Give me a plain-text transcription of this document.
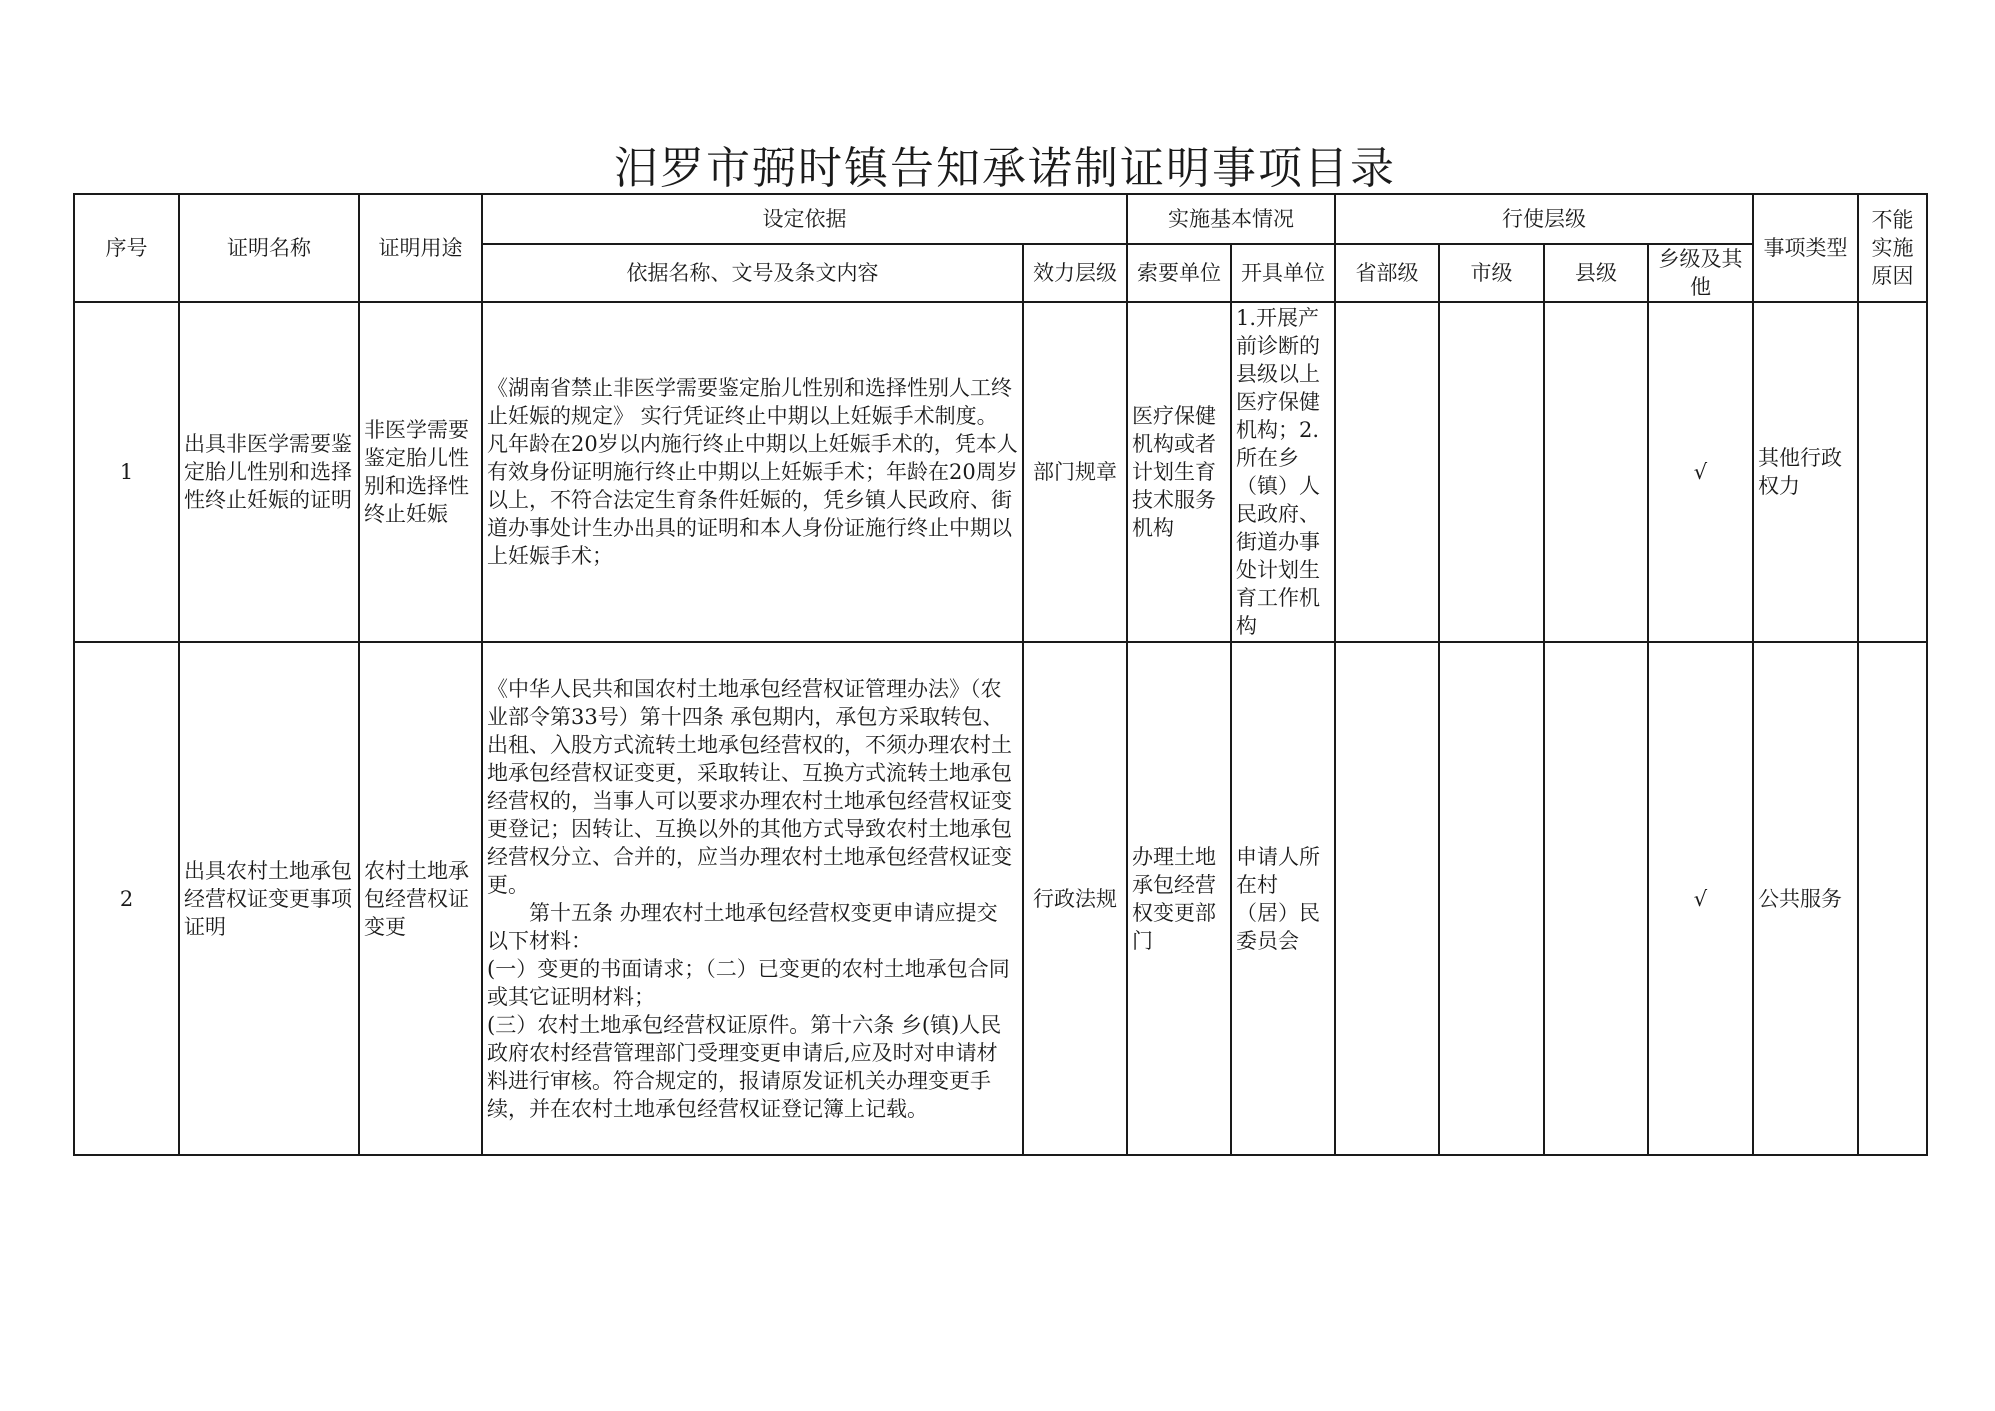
汨罗市弼时镇告知承诺制证明事项目录
序号	证明名称	证明用途	设定依据		实施基本情况		行使层级				事项类型	不能实施原因
			依据名称、文号及条文内容	效力层级	索要单位	开具单位	省部级	市级	县级	乡级及其他		
1	出具非医学需要鉴定胎儿性别和选择性终止妊娠的证明	非医学需要鉴定胎儿性别和选择性终止妊娠	《湖南省禁止非医学需要鉴定胎儿性别和选择性别人工终止妊娠的规定》 实行凭证终止中期以上妊娠手术制度。凡年龄在20岁以内施行终止中期以上妊娠手术的，凭本人有效身份证明施行终止中期以上妊娠手术；年龄在20周岁以上，不符合法定生育条件妊娠的，凭乡镇人民政府、街道办事处计生办出具的证明和本人身份证施行终止中期以上妊娠手术；	部门规章	医疗保健机构或者计划生育技术服务机构	1.开展产前诊断的县级以上医疗保健机构；2.所在乡（镇）人民政府、街道办事处计划生育工作机构				√	其他行政权力	
2	出具农村土地承包经营权证变更事项证明	农村土地承包经营权证变更	《中华人民共和国农村土地承包经营权证管理办法》（农业部令第33号）第十四条 承包期内，承包方采取转包、出租、入股方式流转土地承包经营权的，不须办理农村土地承包经营权证变更，采取转让、互换方式流转土地承包经营权的，当事人可以要求办理农村土地承包经营权证变更登记；因转让、互换以外的其他方式导致农村土地承包经营权分立、合并的，应当办理农村土地承包经营权证变更。
　　第十五条 办理农村土地承包经营权变更申请应提交以下材料：
(一）变更的书面请求；（二）已变更的农村土地承包合同或其它证明材料；
(三）农村土地承包经营权证原件。第十六条 乡(镇)人民政府农村经营管理部门受理变更申请后,应及时对申请材料进行审核。符合规定的，报请原发证机关办理变更手续，并在农村土地承包经营权证登记簿上记载。	行政法规	办理土地承包经营权变更部门	申请人所在村（居）民委员会				√	公共服务	
